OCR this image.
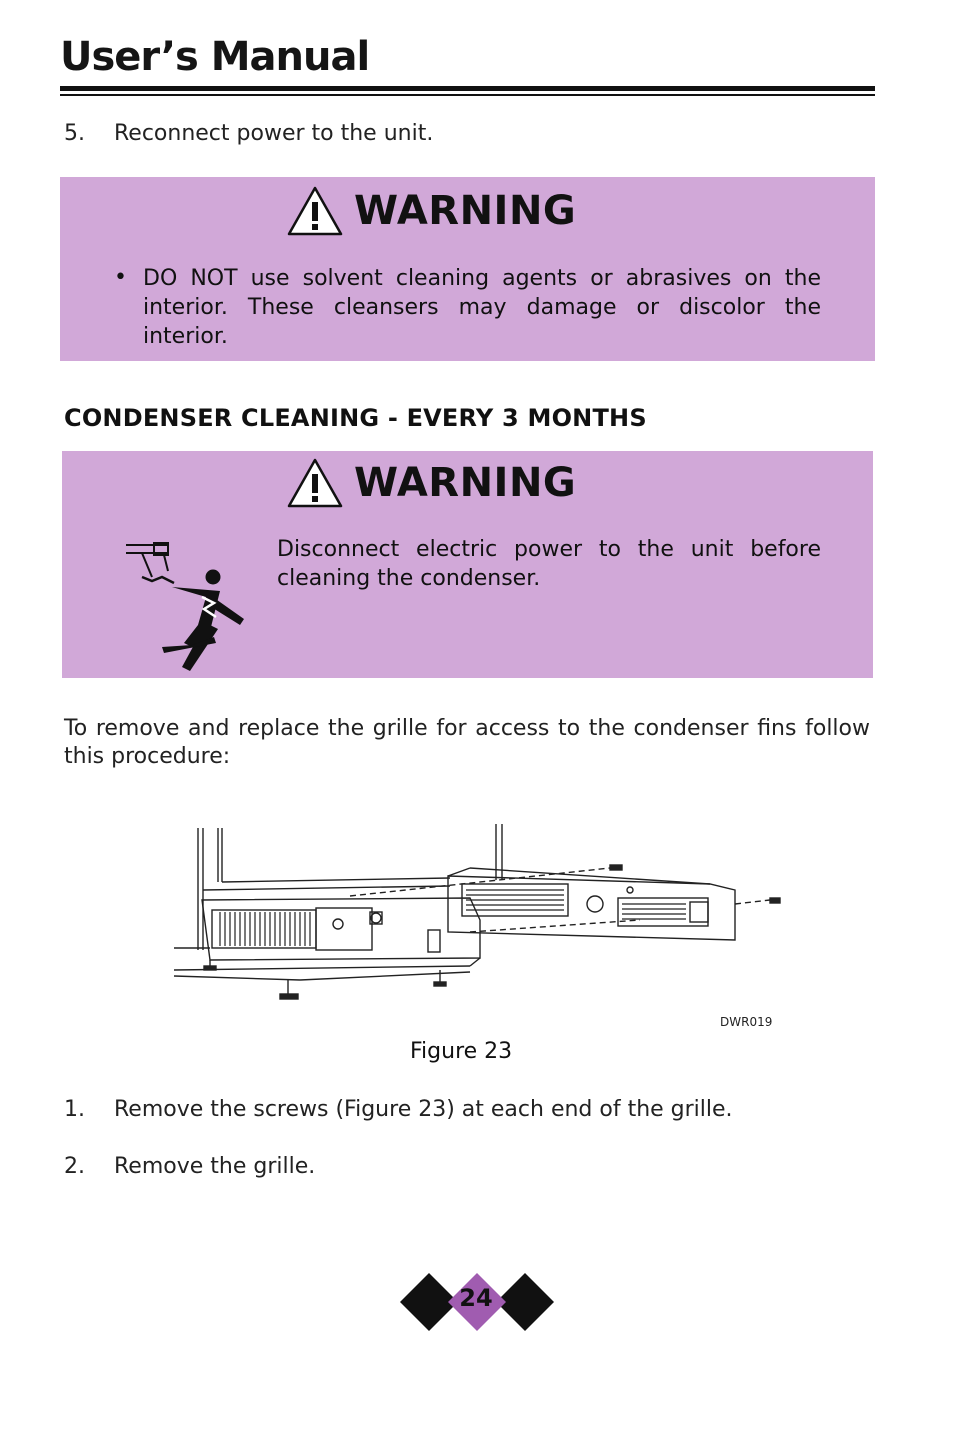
User’s Manual
5. Reconnect power to the unit.
WARNING
• DO NOT use solvent cleaning agents or abrasives on the interior. These cleansers may damage or discolor the interior.
CONDENSER CLEANING - EVERY 3 MONTHS
WARNING
Disconnect electric power to the unit before cleaning the condenser.
To remove and replace the grille for access to the condenser fins follow this procedure:
DWR019
Figure 23
1. Remove the screws (Figure 23) at each end of the grille.
2. Remove the grille.
24
